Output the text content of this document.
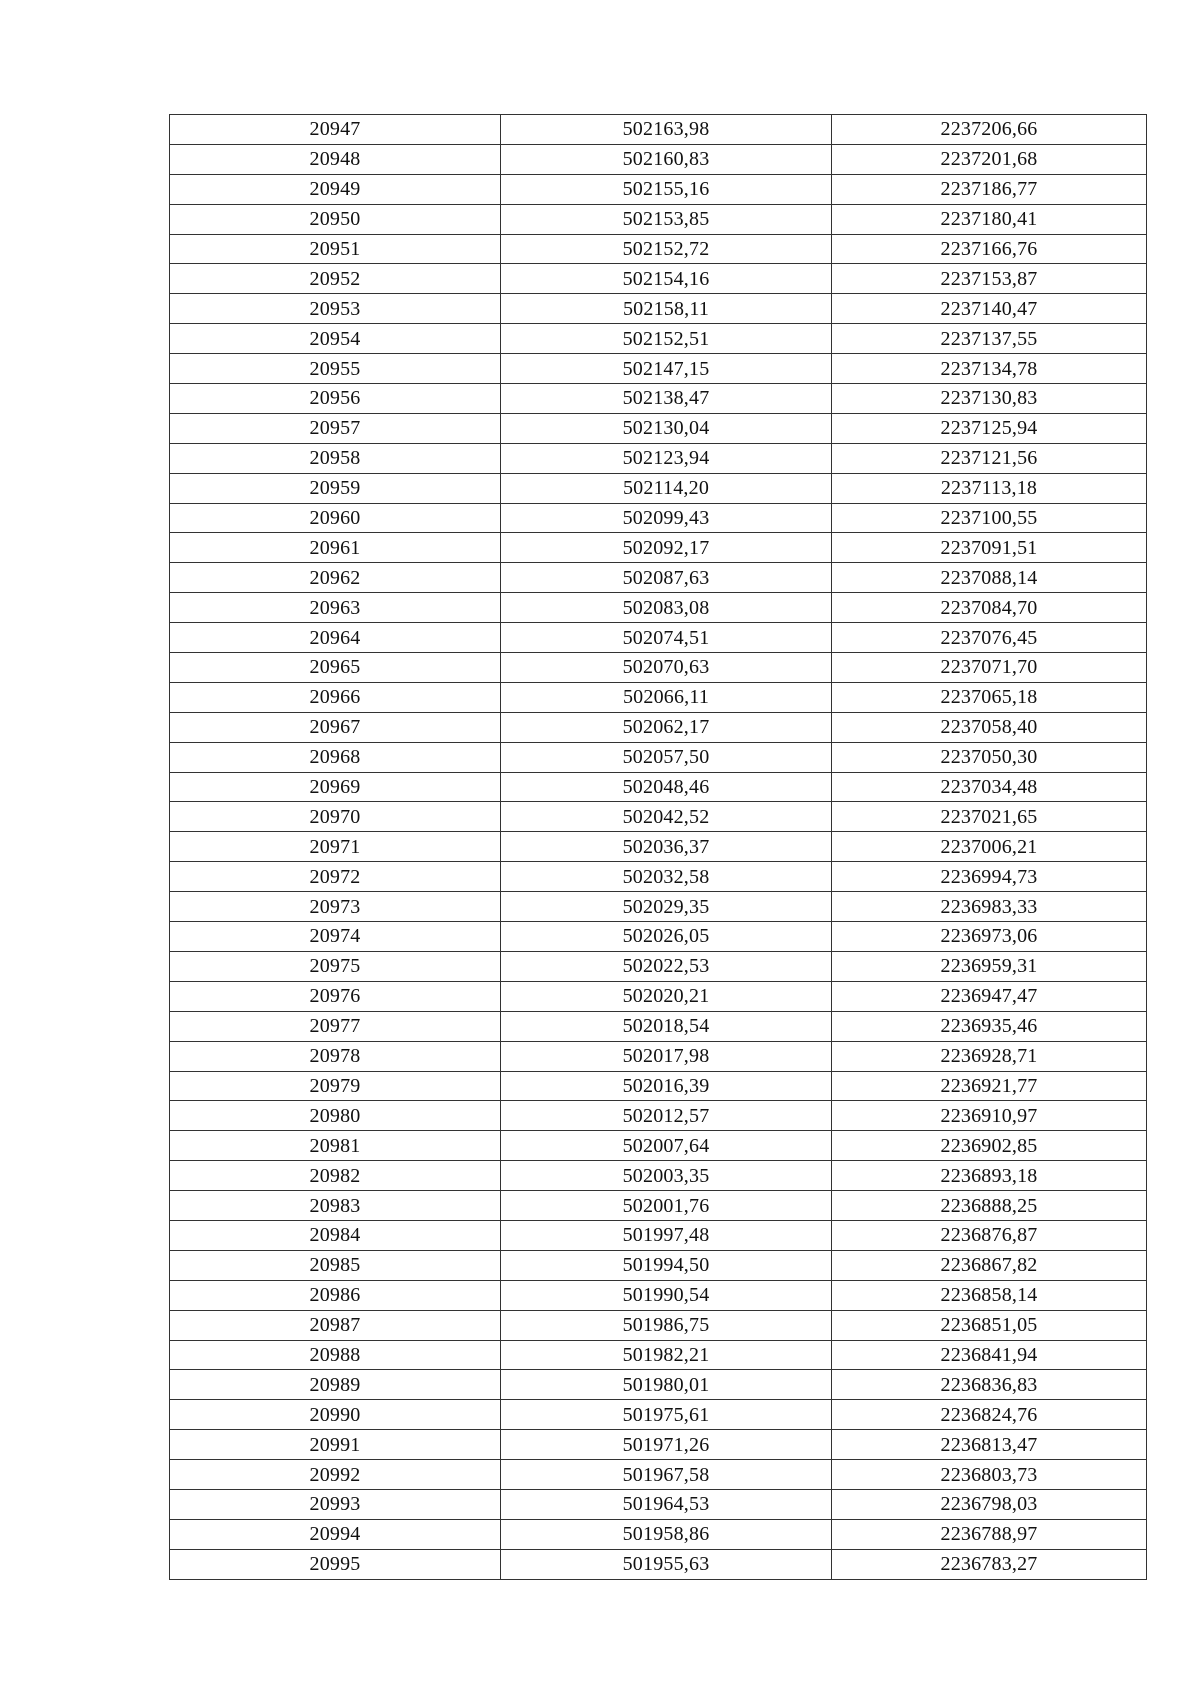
20947	502163,98	2237206,66
20948	502160,83	2237201,68
20949	502155,16	2237186,77
20950	502153,85	2237180,41
20951	502152,72	2237166,76
20952	502154,16	2237153,87
20953	502158,11	2237140,47
20954	502152,51	2237137,55
20955	502147,15	2237134,78
20956	502138,47	2237130,83
20957	502130,04	2237125,94
20958	502123,94	2237121,56
20959	502114,20	2237113,18
20960	502099,43	2237100,55
20961	502092,17	2237091,51
20962	502087,63	2237088,14
20963	502083,08	2237084,70
20964	502074,51	2237076,45
20965	502070,63	2237071,70
20966	502066,11	2237065,18
20967	502062,17	2237058,40
20968	502057,50	2237050,30
20969	502048,46	2237034,48
20970	502042,52	2237021,65
20971	502036,37	2237006,21
20972	502032,58	2236994,73
20973	502029,35	2236983,33
20974	502026,05	2236973,06
20975	502022,53	2236959,31
20976	502020,21	2236947,47
20977	502018,54	2236935,46
20978	502017,98	2236928,71
20979	502016,39	2236921,77
20980	502012,57	2236910,97
20981	502007,64	2236902,85
20982	502003,35	2236893,18
20983	502001,76	2236888,25
20984	501997,48	2236876,87
20985	501994,50	2236867,82
20986	501990,54	2236858,14
20987	501986,75	2236851,05
20988	501982,21	2236841,94
20989	501980,01	2236836,83
20990	501975,61	2236824,76
20991	501971,26	2236813,47
20992	501967,58	2236803,73
20993	501964,53	2236798,03
20994	501958,86	2236788,97
20995	501955,63	2236783,27
